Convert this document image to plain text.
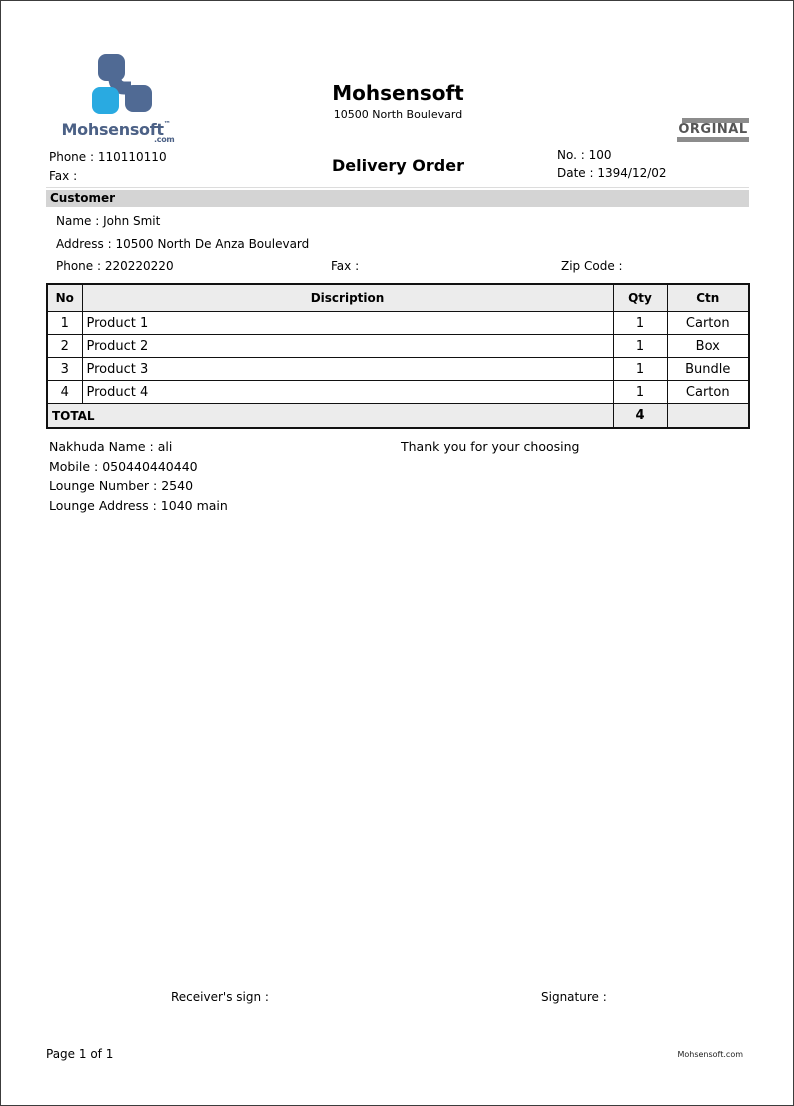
Mohsensoft™
.com
Mohsensoft
10500 North Boulevard
Delivery Order
ORGINAL
Phone : 110110110
Fax :
No. : 100
Date : 1394/12/02
Customer
Name : John Smit
Address : 10500 North De Anza Boulevard
Phone : 220220220	Fax :	Zip Code :
No	Discription	Qty	Ctn
1	Product 1	1	Carton
2	Product 2	1	Box
3	Product 3	1	Bundle
4	Product 4	1	Carton
TOTAL		4	
Nakhuda Name : ali
Mobile : 050440440440
Lounge Number : 2540
Lounge Address : 1040 main
Thank you for your choosing
Receiver's sign :	Signature :
Page 1 of 1	Mohsensoft.com
